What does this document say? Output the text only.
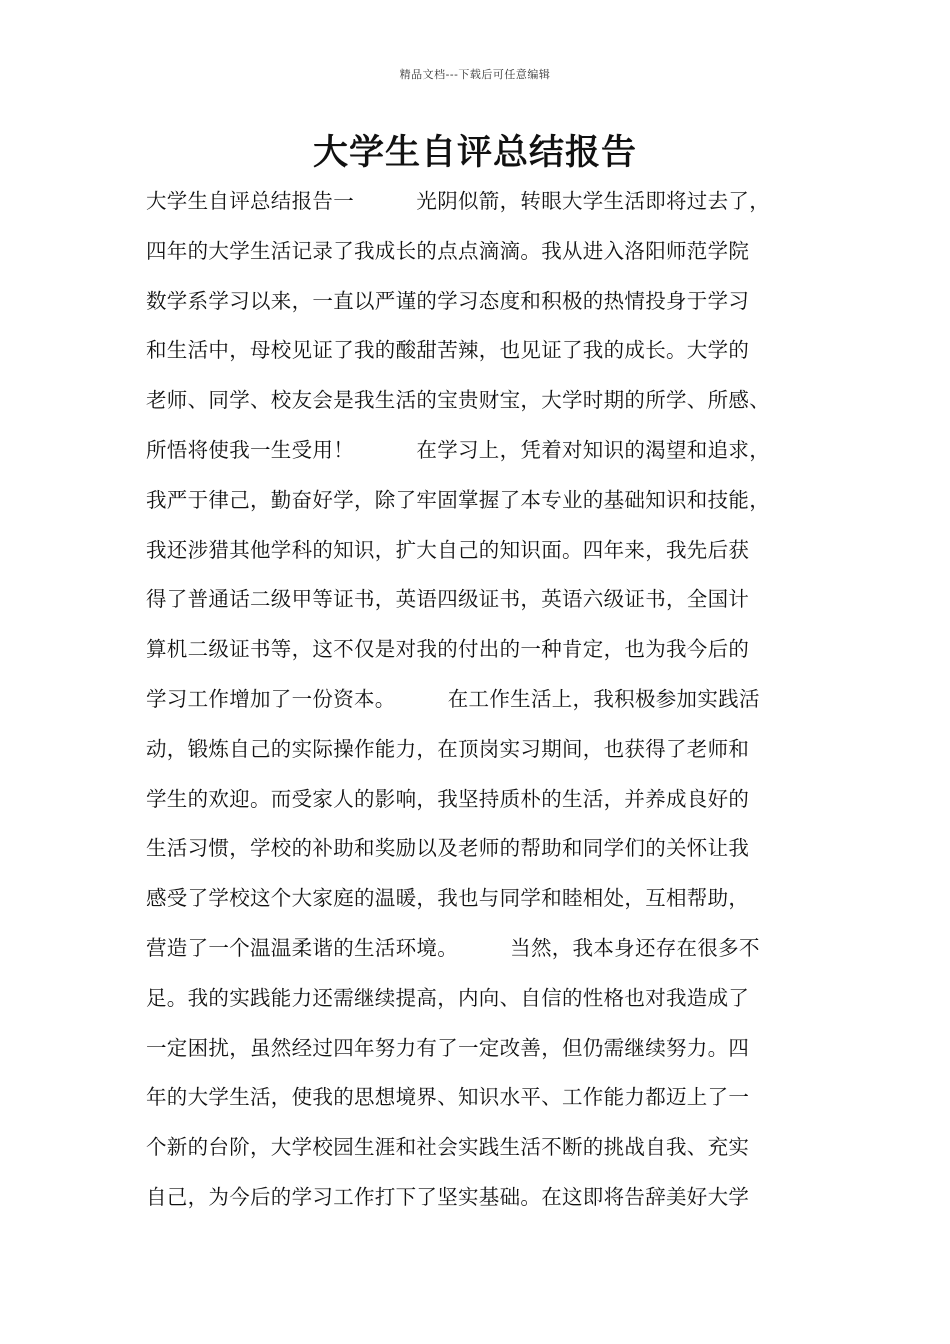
精品文档---下载后可任意编辑
大学生自评总结报告
大学生自评总结报告一　　　光阴似箭，转眼大学生活即将过去了，
四年的大学生活记录了我成长的点点滴滴。我从进入洛阳师范学院
数学系学习以来，一直以严谨的学习态度和积极的热情投身于学习
和生活中，母校见证了我的酸甜苦辣，也见证了我的成长。大学的
老师、同学、校友会是我生活的宝贵财宝，大学时期的所学、所感、
所悟将使我一生受用！　　　在学习上，凭着对知识的渴望和追求，
我严于律己，勤奋好学，除了牢固掌握了本专业的基础知识和技能，
我还涉猎其他学科的知识，扩大自己的知识面。四年来，我先后获
得了普通话二级甲等证书，英语四级证书，英语六级证书，全国计
算机二级证书等，这不仅是对我的付出的一种肯定，也为我今后的
学习工作增加了一份资本。　　　在工作生活上，我积极参加实践活
动，锻炼自己的实际操作能力，在顶岗实习期间，也获得了老师和
学生的欢迎。而受家人的影响，我坚持质朴的生活，并养成良好的
生活习惯，学校的补助和奖励以及老师的帮助和同学们的关怀让我
感受了学校这个大家庭的温暖，我也与同学和睦相处，互相帮助，
营造了一个温温柔谐的生活环境。　　　当然，我本身还存在很多不
足。我的实践能力还需继续提高，内向、自信的性格也对我造成了
一定困扰，虽然经过四年努力有了一定改善，但仍需继续努力。四
年的大学生活，使我的思想境界、知识水平、工作能力都迈上了一
个新的台阶，大学校园生涯和社会实践生活不断的挑战自我、充实
自己，为今后的学习工作打下了坚实基础。在这即将告辞美好大学
